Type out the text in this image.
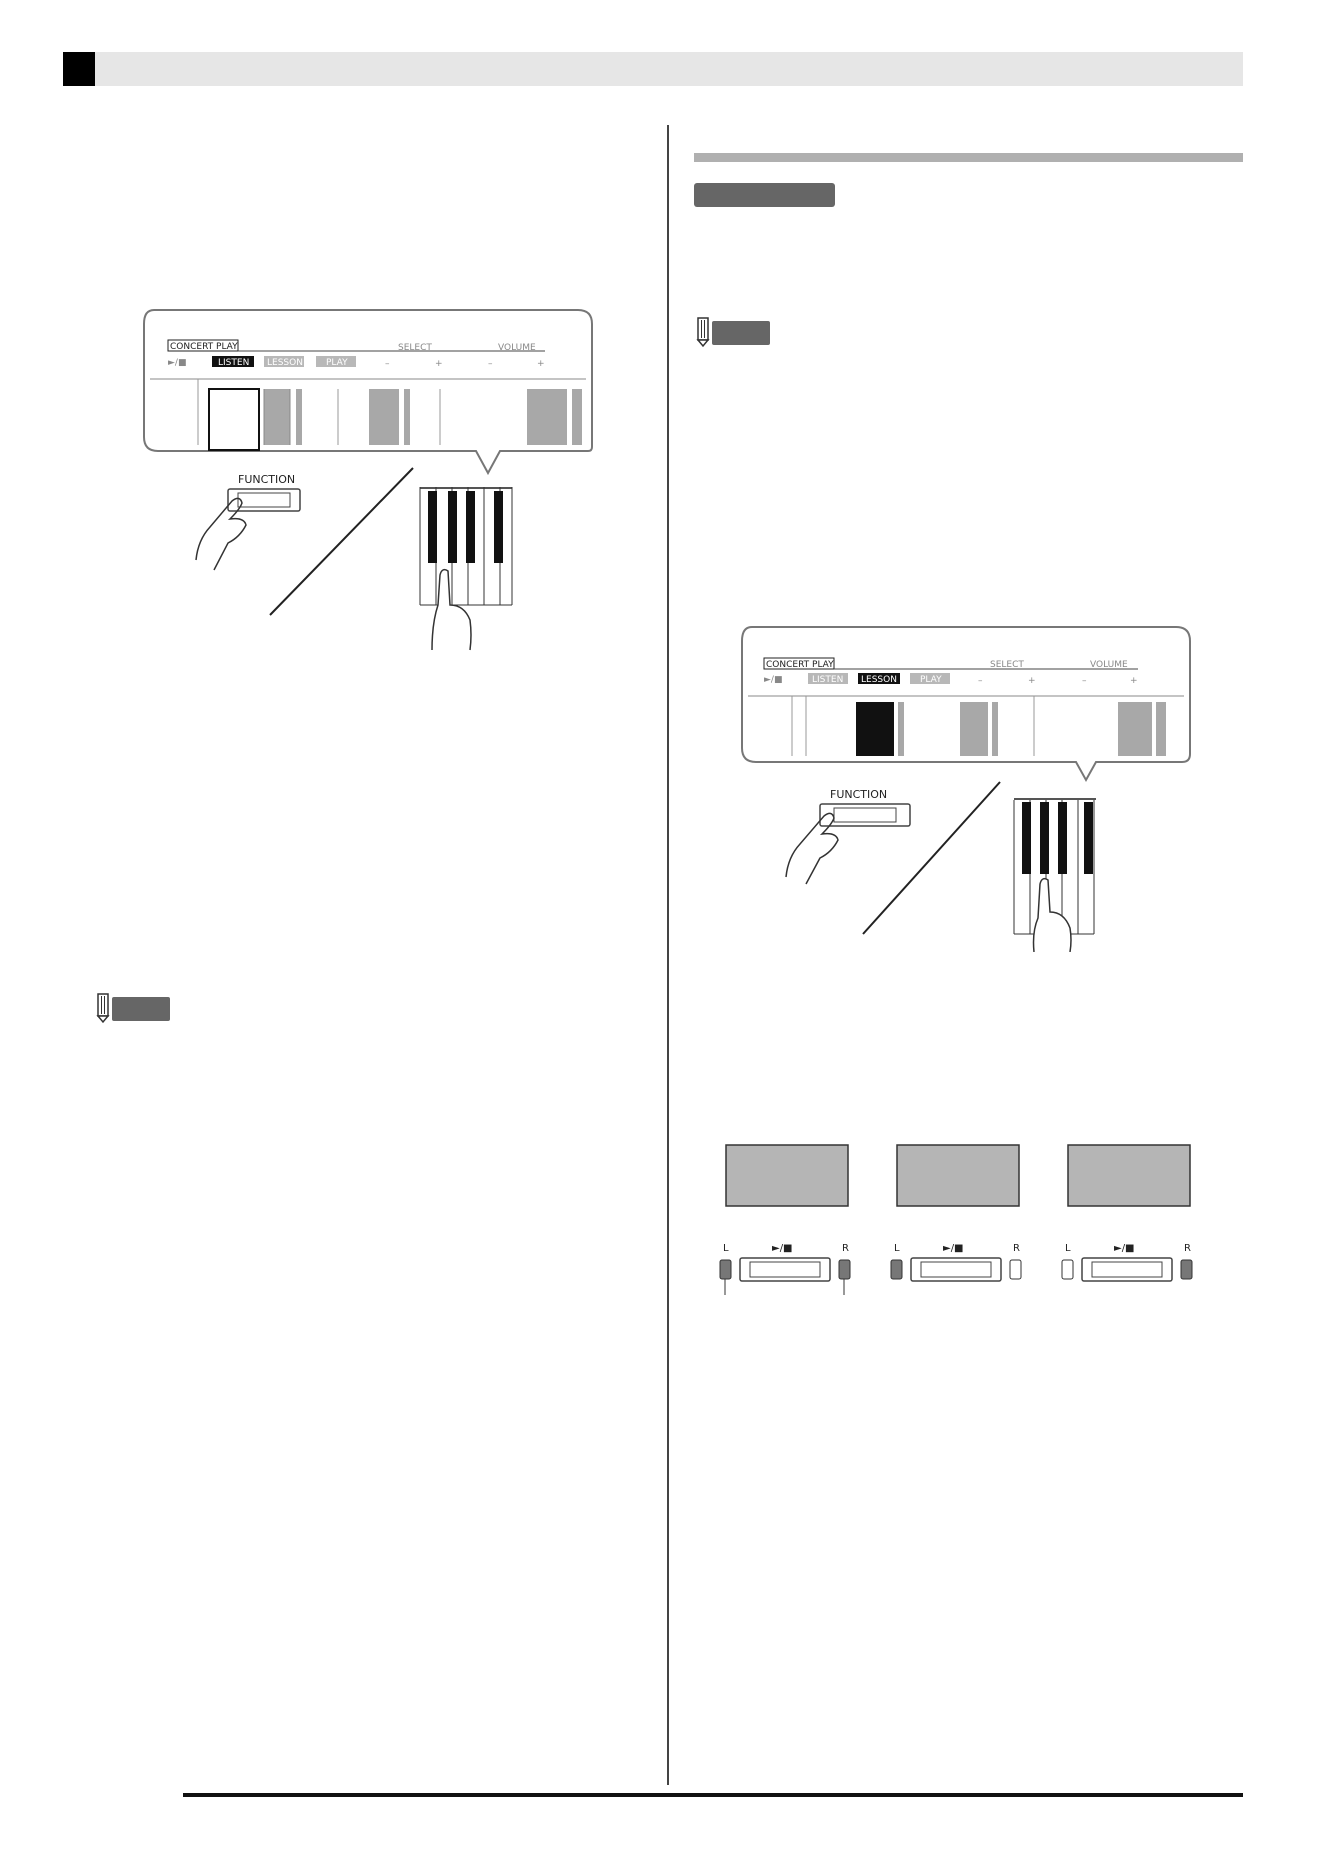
CONCERT PLAY	SELECT	VOLUME
►/■	LISTEN LESSON	PLAY	–	+	–	+
FUNCTION
CONCERT PLAY	SELECT	VOLUME
►/■	LISTEN LESSON	PLAY	–	+	–	+
FUNCTION
L	►/■	R	L	►/■	R	L	►/■	R
